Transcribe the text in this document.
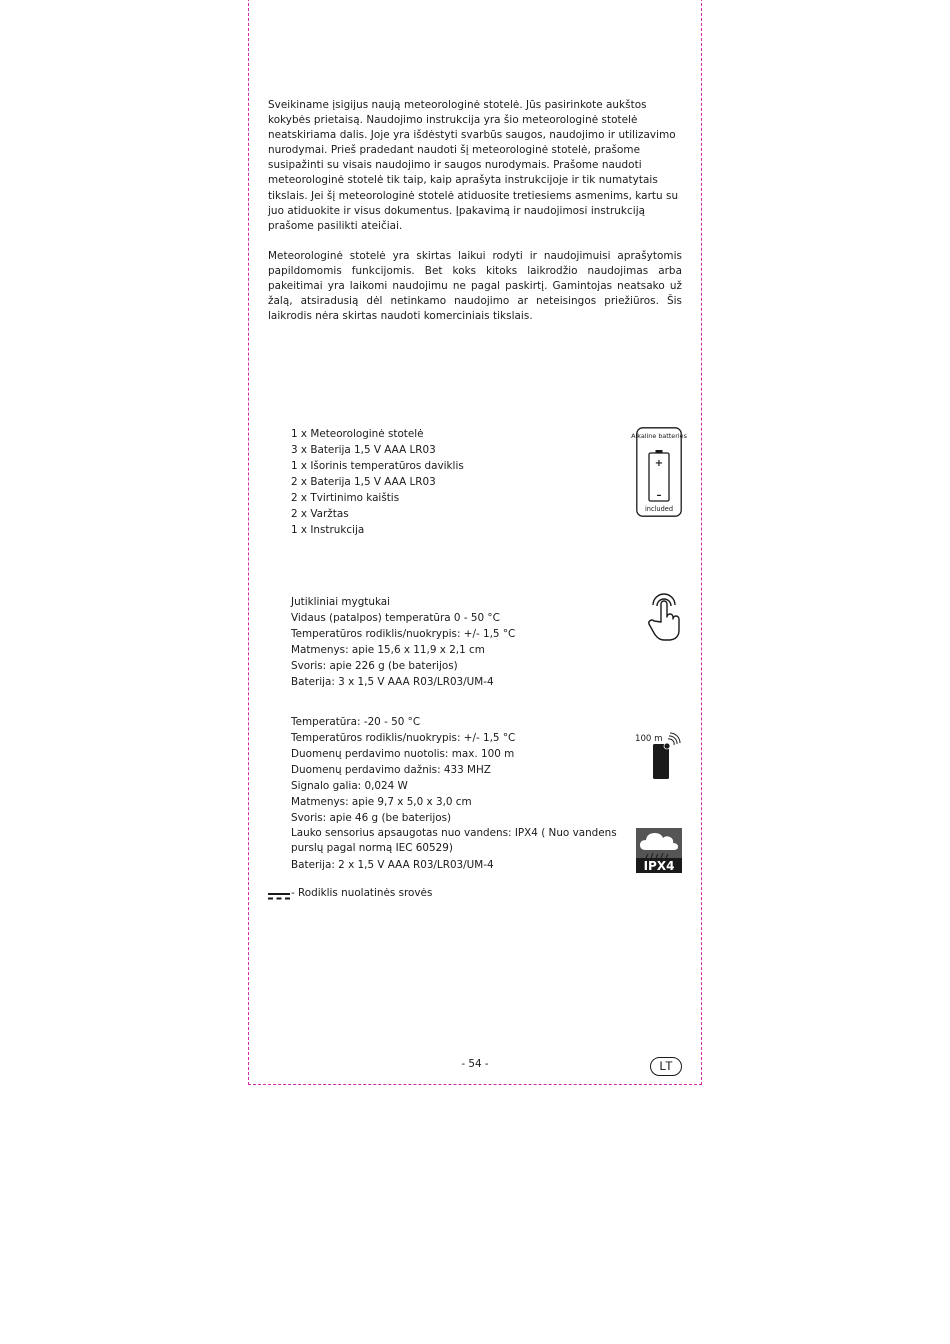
Sveikiname įsigijus naują meteorologinė stotelė. Jūs pasirinkote aukštos kokybės prietaisą. Naudojimo instrukcija yra šio meteorologinė stotelė neatskiriama dalis. Joje yra išdėstyti svarbūs saugos, naudojimo ir utilizavimo nurodymai. Prieš pradedant naudoti šį meteorologinė stotelė, prašome susipažinti su visais naudojimo ir saugos nurodymais. Prašome naudoti meteorologinė stotelė tik taip, kaip aprašyta instrukcijoje ir tik numatytais tikslais. Jei šį meteorologinė stotelė atiduosite tretiesiems asmenims, kartu su juo atiduokite ir visus dokumentus. Įpakavimą ir naudojimosi instrukciją prašome pasilikti ateičiai.

Meteorologinė stotelė yra skirtas laikui rodyti ir naudojimuisi aprašytomis papildomomis funkcijomis. Bet koks kitoks laikrodžio naudojimas arba pakeitimai yra laikomi naudojimu ne pagal paskirtį. Gamintojas neatsako už žalą, atsiradusią dėl netinkamo naudojimo ar neteisingos priežiūros. Šis laikrodis nėra skirtas naudoti komerciniais tikslais.

1 x Meteorologinė stotelė
3 x Baterija 1,5 V AAA LR03
1 x Išorinis temperatūros daviklis
2 x Baterija 1,5 V AAA LR03
2 x Tvirtinimo kaištis
2 x Varžtas
1 x Instrukcija
Alkaline batteries
+
–
included
Jutikliniai mygtukai
Vidaus (patalpos) temperatūra 0 - 50 °C
Temperatūros rodiklis/nuokrypis: +/- 1,5 °C
Matmenys: apie 15,6 x 11,9 x 2,1 cm
Svoris: apie 226 g (be baterijos)
Baterija: 3 x 1,5 V AAA R03/LR03/UM-4
Temperatūra: -20 - 50 °C
Temperatūros rodiklis/nuokrypis: +/- 1,5 °C
Duomenų perdavimo nuotolis: max. 100 m
Duomenų perdavimo dažnis: 433 MHZ
Signalo galia: 0,024 W
Matmenys: apie 9,7 x 5,0 x 3,0 cm
Svoris: apie 46 g (be baterijos)
Lauko sensorius apsaugotas nuo vandens: IPX4 ( Nuo vandens purslų pagal normą IEC 60529)
Baterija: 2 x 1,5 V AAA R03/LR03/UM-4
100 m
IPX4
- Rodiklis nuolatinės srovės
- 54 -	LT
